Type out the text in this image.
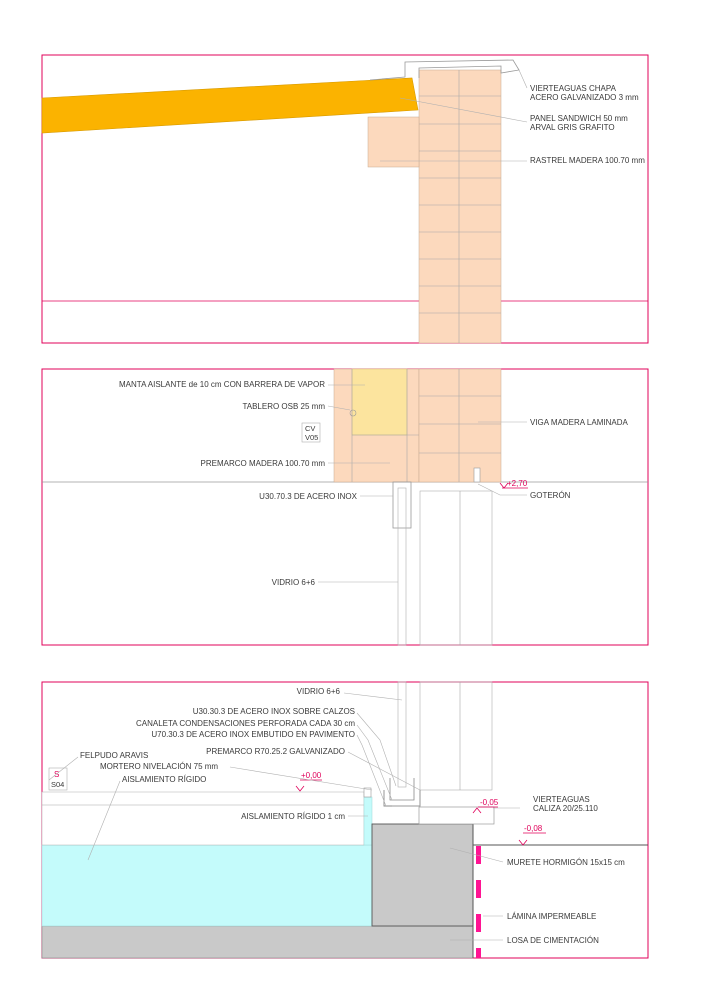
VIERTEAGUAS CHAPA
ACERO GALVANIZADO 3 mm
PANEL SANDWICH 50 mm
ARVAL GRIS GRAFITO
RASTREL MADERA 100.70 mm
+2,70
CV
V05
MANTA AISLANTE de 10 cm CON BARRERA DE VAPOR
TABLERO OSB 25 mm
PREMARCO MADERA 100.70 mm
U30.70.3 DE ACERO INOX
VIDRIO 6+6
VIGA MADERA LAMINADA
GOTERÓN
S
S04
+0,00
-0,05
-0,08
VIDRIO 6+6
U30.30.3 DE ACERO INOX SOBRE CALZOS
CANALETA CONDENSACIONES PERFORADA CADA 30 cm
U70.30.3 DE ACERO INOX EMBUTIDO EN PAVIMENTO
PREMARCO R70.25.2 GALVANIZADO
FELPUDO ARAVIS
MORTERO NIVELACIÓN 75 mm
AISLAMIENTO RÍGIDO
AISLAMIENTO RÍGIDO 1 cm
VIERTEAGUAS
CALIZA 20/25.110
MURETE HORMIGÓN 15x15 cm
LÁMINA IMPERMEABLE
LOSA DE CIMENTACIÓN
